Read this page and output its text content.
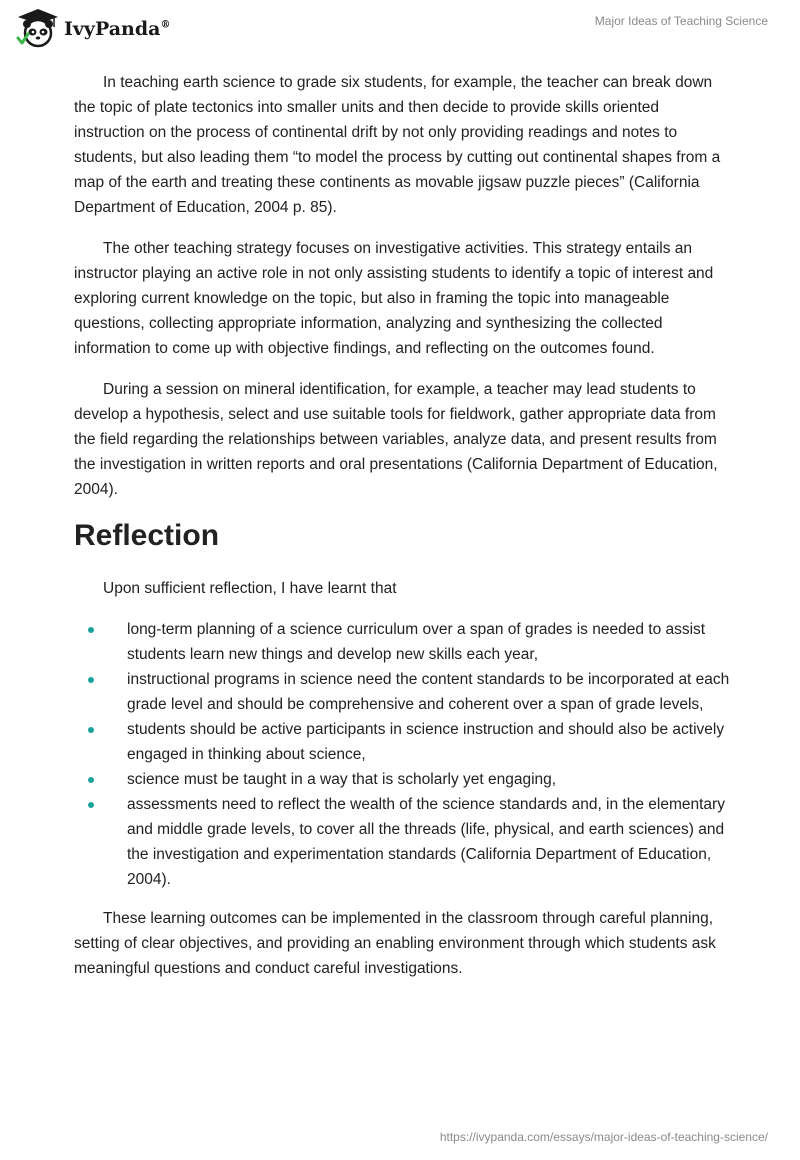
IvyPanda®	Major Ideas of Teaching Science

In teaching earth science to grade six students, for example, the teacher can break down the topic of plate tectonics into smaller units and then decide to provide skills oriented instruction on the process of continental drift by not only providing readings and notes to students, but also leading them “to model the process by cutting out continental shapes from a map of the earth and treating these continents as movable jigsaw puzzle pieces” (California Department of Education, 2004 p. 85).

The other teaching strategy focuses on investigative activities. This strategy entails an instructor playing an active role in not only assisting students to identify a topic of interest and exploring current knowledge on the topic, but also in framing the topic into manageable questions, collecting appropriate information, analyzing and synthesizing the collected information to come up with objective findings, and reflecting on the outcomes found.

During a session on mineral identification, for example, a teacher may lead students to develop a hypothesis, select and use suitable tools for fieldwork, gather appropriate data from the field regarding the relationships between variables, analyze data, and present results from the investigation in written reports and oral presentations (California Department of Education, 2004).

Reflection

Upon sufficient reflection, I have learnt that

long-term planning of a science curriculum over a span of grades is needed to assist students learn new things and develop new skills each year,
instructional programs in science need the content standards to be incorporated at each grade level and should be comprehensive and coherent over a span of grade levels,
students should be active participants in science instruction and should also be actively engaged in thinking about science,
science must be taught in a way that is scholarly yet engaging,
assessments need to reflect the wealth of the science standards and, in the elementary and middle grade levels, to cover all the threads (life, physical, and earth sciences) and the investigation and experimentation standards (California Department of Education, 2004).

These learning outcomes can be implemented in the classroom through careful planning, setting of clear objectives, and providing an enabling environment through which students ask meaningful questions and conduct careful investigations.

https://ivypanda.com/essays/major-ideas-of-teaching-science/
